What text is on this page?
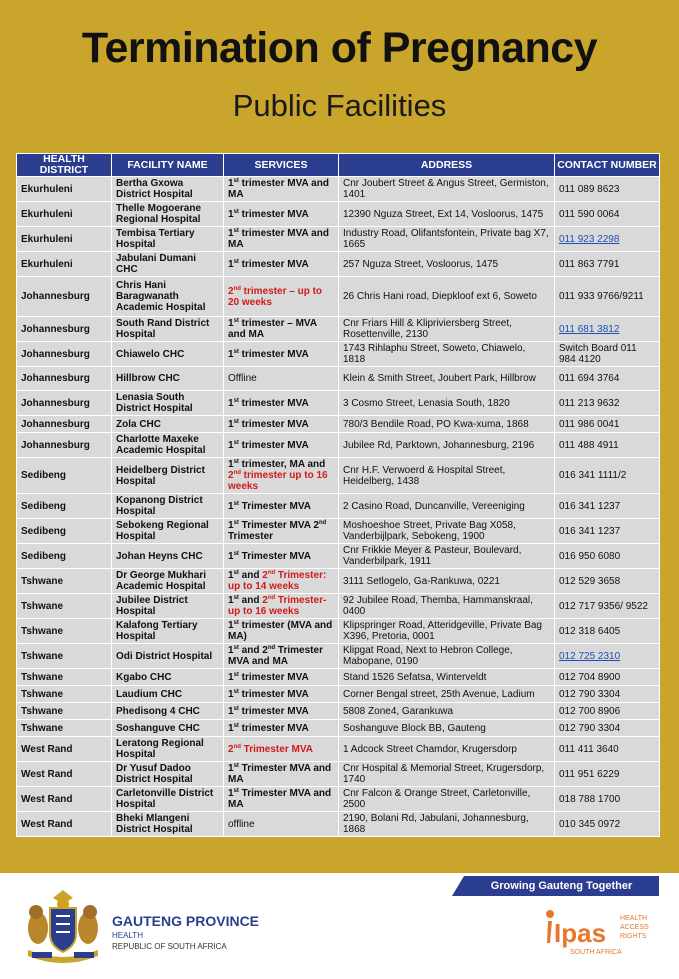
Termination of Pregnancy
Public Facilities
HEALTH DISTRICT	FACILITY NAME	SERVICES	ADDRESS	CONTACT NUMBER
Ekurhuleni	Bertha Gxowa District Hospital	1st trimester MVA and MA	Cnr Joubert Street & Angus Street, Germiston, 1401	011 089 8623
Ekurhuleni	Thelle Mogoerane Regional Hospital	1st trimester MVA	12390 Nguza Street, Ext 14, Vosloorus, 1475	011 590 0064
Ekurhuleni	Tembisa Tertiary Hospital	1st trimester MVA and MA	Industry Road, Olifantsfontein, Private bag X7, 1665	011 923 2298
Ekurhuleni	Jabulani Dumani CHC	1st trimester MVA	257 Nguza Street, Vosloorus, 1475	011 863 7791
Johannesburg	Chris Hani Baragwanath Academic Hospital	2nd trimester – up to 20 weeks	26 Chris Hani road, Diepkloof ext 6, Soweto	011 933 9766/9211
Johannesburg	South Rand District Hospital	1st trimester – MVA and MA	Cnr Friars Hill & Klipriviersberg Street, Rosettenville, 2130	011 681 3812
Johannesburg	Chiawelo CHC	1st trimester MVA	1743 Rihlaphu Street, Soweto, Chiawelo, 1818	Switch Board 011 984 4120
Johannesburg	Hillbrow CHC	Offline	Klein & Smith Street, Joubert Park, Hillbrow	011 694 3764
Johannesburg	Lenasia South District Hospital	1st trimester MVA	3 Cosmo Street, Lenasia South, 1820	011 213 9632
Johannesburg	Zola CHC	1st trimester MVA	780/3 Bendile Road, PO Kwa-xuma, 1868	011 986 0041
Johannesburg	Charlotte Maxeke Academic Hospital	1st trimester MVA	Jubilee Rd, Parktown, Johannesburg, 2196	011 488 4911
Sedibeng	Heidelberg District Hospital	1st trimester, MA and 2nd trimester up to 16 weeks	Cnr H.F. Verwoerd & Hospital Street, Heidelberg, 1438	016 341 1111/2
Sedibeng	Kopanong District Hospital	1st Trimester MVA	2 Casino Road, Duncanville, Vereeniging	016 341 1237
Sedibeng	Sebokeng Regional Hospital	1st Trimester MVA 2nd Trimester	Moshoeshoe Street, Private Bag X058, Vanderbijlpark, Sebokeng, 1900	016 341 1237
Sedibeng	Johan Heyns CHC	1st Trimester MVA	Cnr Frikkie Meyer & Pasteur, Boulevard, Vanderbilpark, 1911	016 950 6080
Tshwane	Dr George Mukhari Academic Hospital	1st and 2nd Trimester: up to 14 weeks	3111 Setlogelo, Ga-Rankuwa, 0221	012 529 3658
Tshwane	Jubilee District Hospital	1st and 2nd Trimester- up to 16 weeks	92 Jubilee Road, Themba, Hammanskraal, 0400	012 717 9356/ 9522
Tshwane	Kalafong Tertiary Hospital	1st trimester (MVA and MA)	Klipspringer Road, Atteridgeville, Private Bag X396, Pretoria, 0001	012 318 6405
Tshwane	Odi District Hospital	1st and 2nd Trimester MVA and MA	Klipgat Road, Next to Hebron College, Mabopane, 0190	012 725 2310
Tshwane	Kgabo CHC	1st trimester MVA	Stand 1526 Sefatsa, Winterveldt	012 704 8900
Tshwane	Laudium CHC	1st trimester MVA	Corner Bengal street, 25th Avenue, Ladium	012 790 3304
Tshwane	Phedisong 4 CHC	1st trimester MVA	5808 Zone4, Garankuwa	012 700 8906
Tshwane	Soshanguve CHC	1st trimester MVA	Soshanguve Block BB, Gauteng	012 790 3304
West Rand	Leratong Regional Hospital	2nd Trimester MVA	1 Adcock Street Chamdor, Krugersdorp	011 411 3640
West Rand	Dr Yusuf Dadoo District Hospital	1st Trimester MVA and MA	Cnr Hospital & Memorial Street, Krugersdorp, 1740	011 951 6229
West Rand	Carletonville District Hospital	1st Trimester MVA and MA	Cnr Falcon & Orange Street, Carletonville, 2500	018 788 1700
West Rand	Bheki Mlangeni District Hospital	offline	2190, Bolani Rd, Jabulani, Johannesburg, 1868	010 345 0972
Growing Gauteng Together
GAUTENG PROVINCE
HEALTH
REPUBLIC OF SOUTH AFRICA	Ipas HEALTH
ACCESS
RIGHTS
SOUTH AFRICA
